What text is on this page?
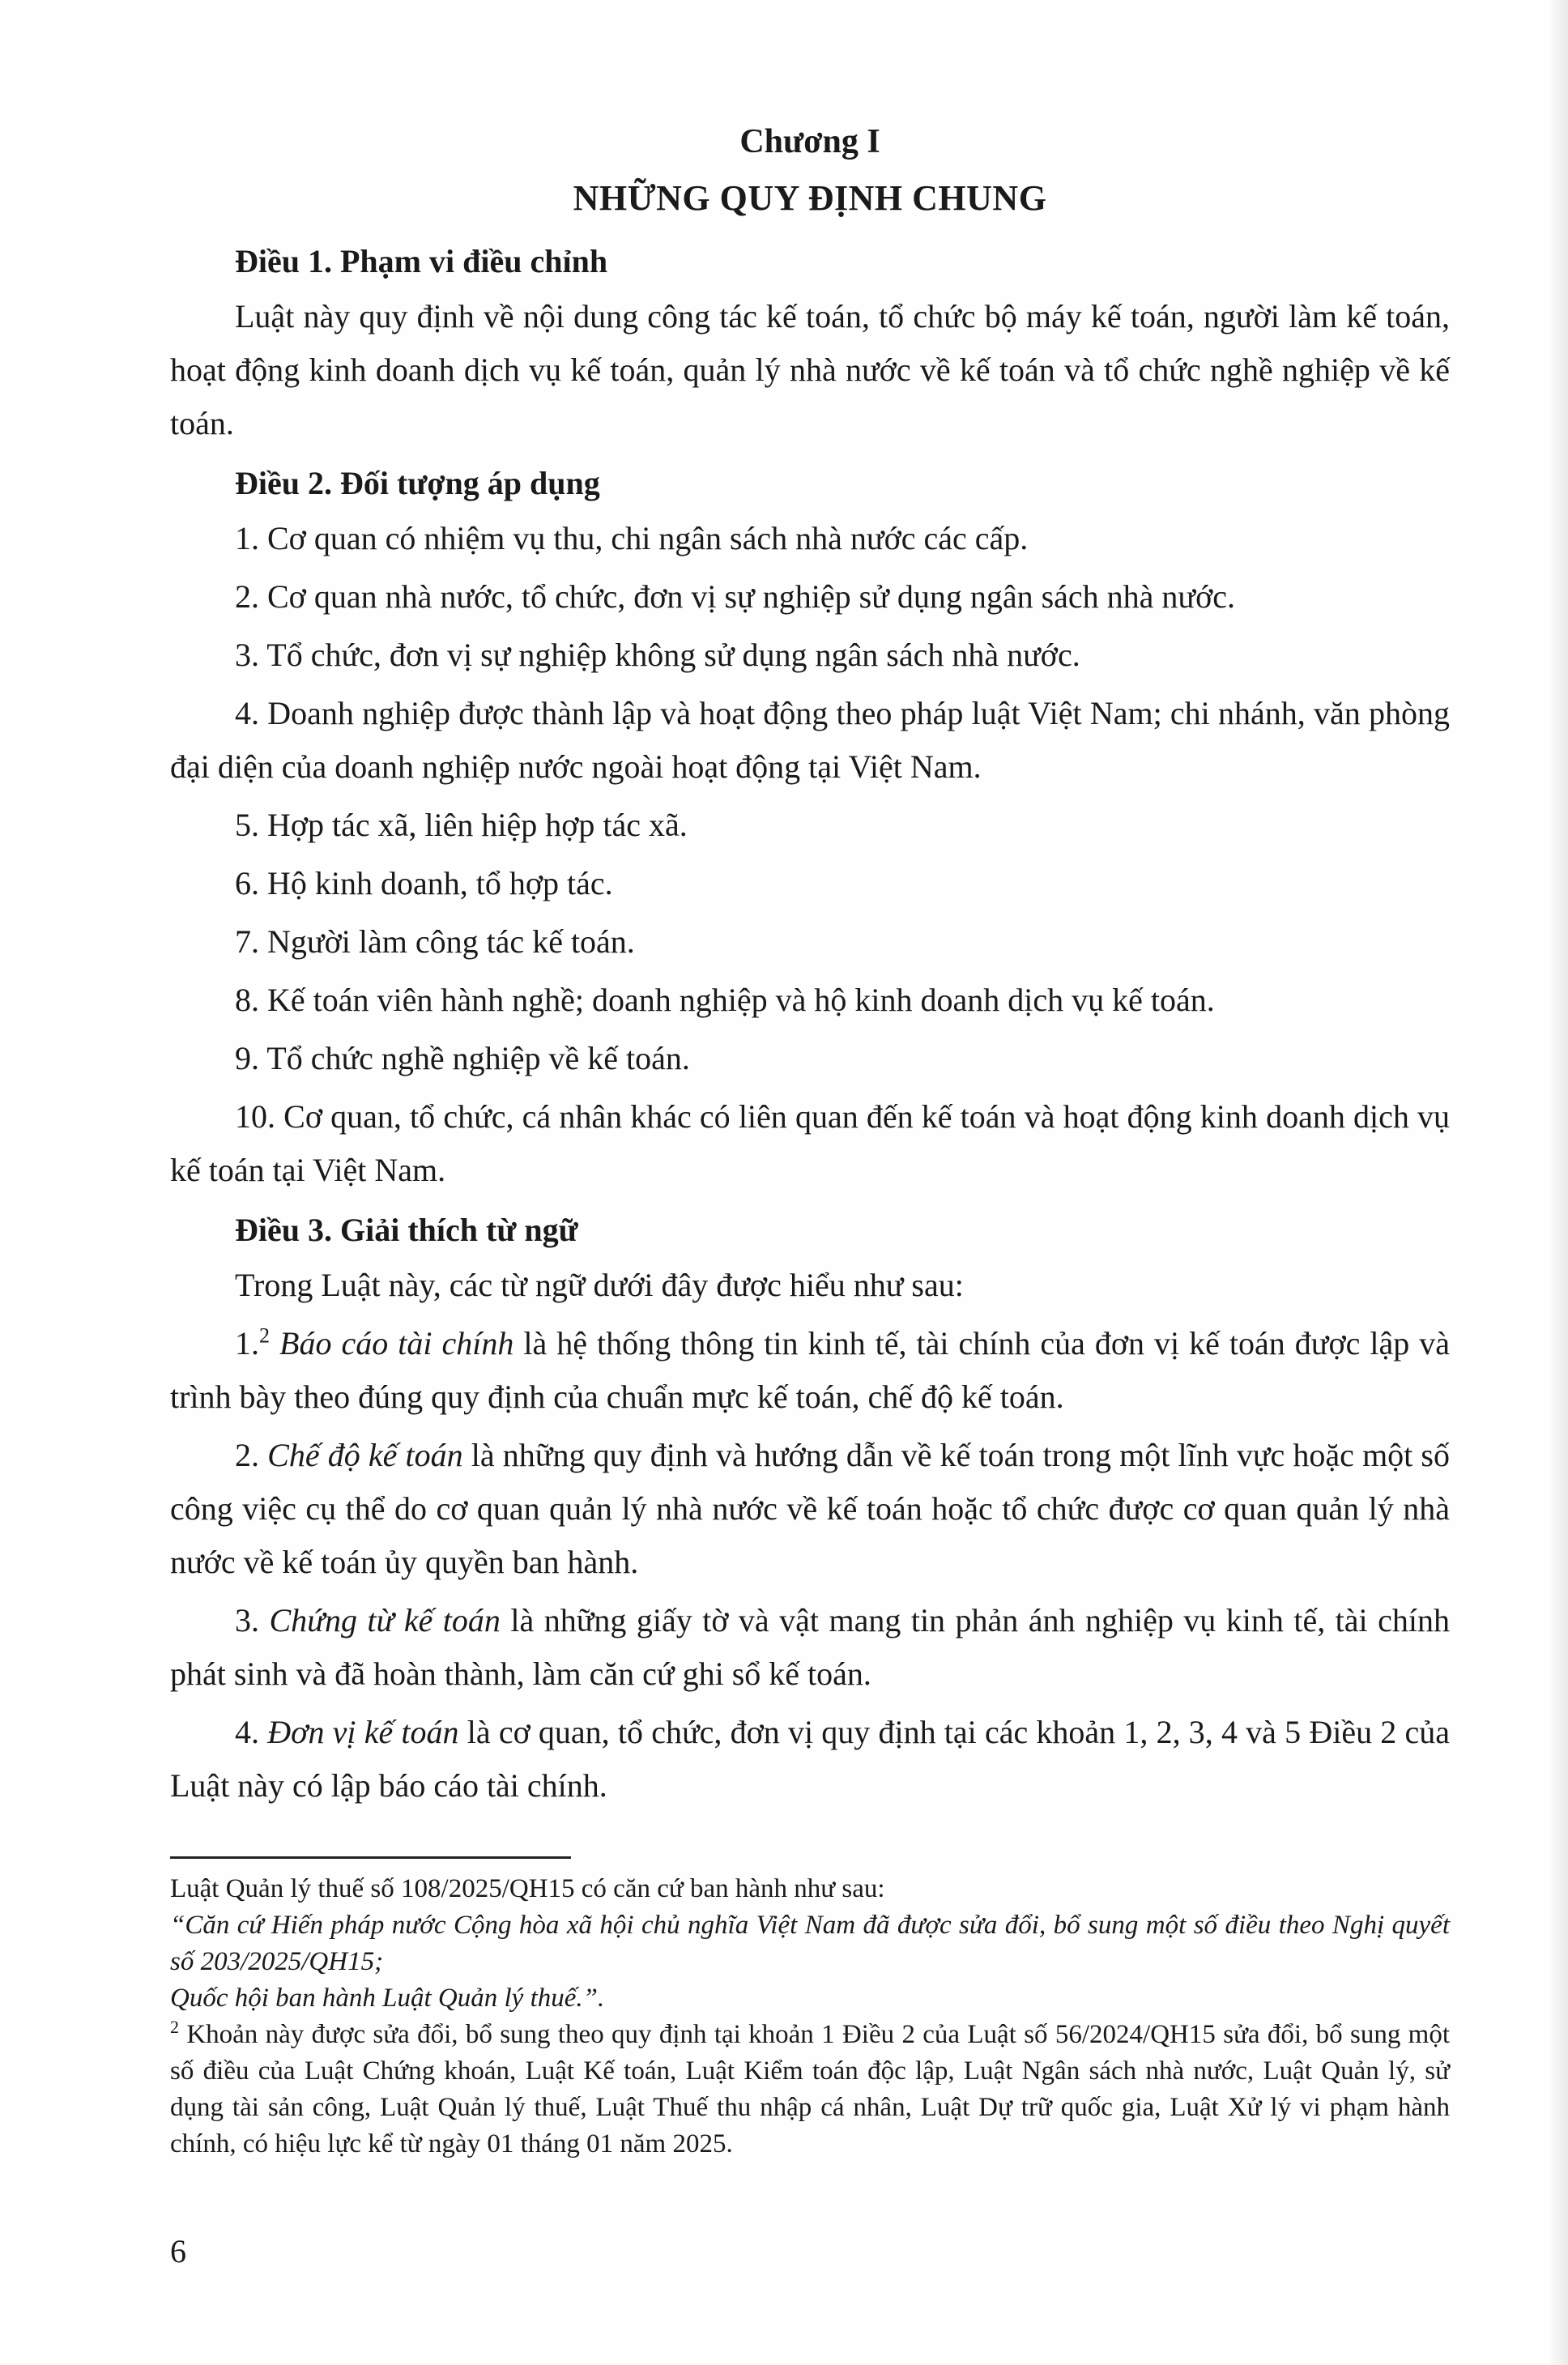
Chương I

NHỮNG QUY ĐỊNH CHUNG

Điều 1. Phạm vi điều chỉnh

Luật này quy định về nội dung công tác kế toán, tổ chức bộ máy kế toán, người làm kế toán, hoạt động kinh doanh dịch vụ kế toán, quản lý nhà nước về kế toán và tổ chức nghề nghiệp về kế toán.

Điều 2. Đối tượng áp dụng

1. Cơ quan có nhiệm vụ thu, chi ngân sách nhà nước các cấp.

2. Cơ quan nhà nước, tổ chức, đơn vị sự nghiệp sử dụng ngân sách nhà nước.

3. Tổ chức, đơn vị sự nghiệp không sử dụng ngân sách nhà nước.

4. Doanh nghiệp được thành lập và hoạt động theo pháp luật Việt Nam; chi nhánh, văn phòng đại diện của doanh nghiệp nước ngoài hoạt động tại Việt Nam.

5. Hợp tác xã, liên hiệp hợp tác xã.

6. Hộ kinh doanh, tổ hợp tác.

7. Người làm công tác kế toán.

8. Kế toán viên hành nghề; doanh nghiệp và hộ kinh doanh dịch vụ kế toán.

9. Tổ chức nghề nghiệp về kế toán.

10. Cơ quan, tổ chức, cá nhân khác có liên quan đến kế toán và hoạt động kinh doanh dịch vụ kế toán tại Việt Nam.

Điều 3. Giải thích từ ngữ

Trong Luật này, các từ ngữ dưới đây được hiểu như sau:

1.$^2$ Báo cáo tài chính là hệ thống thông tin kinh tế, tài chính của đơn vị kế toán được lập và trình bày theo đúng quy định của chuẩn mực kế toán, chế độ kế toán.

2. Chế độ kế toán là những quy định và hướng dẫn về kế toán trong một lĩnh vực hoặc một số công việc cụ thể do cơ quan quản lý nhà nước về kế toán hoặc tổ chức được cơ quan quản lý nhà nước về kế toán ủy quyền ban hành.

3. Chứng từ kế toán là những giấy tờ và vật mang tin phản ánh nghiệp vụ kinh tế, tài chính phát sinh và đã hoàn thành, làm căn cứ ghi sổ kế toán.

4. Đơn vị kế toán là cơ quan, tổ chức, đơn vị quy định tại các khoản 1, 2, 3, 4 và 5 Điều 2 của Luật này có lập báo cáo tài chính.

Luật Quản lý thuế số 108/2025/QH15 có căn cứ ban hành như sau:

“Căn cứ Hiến pháp nước Cộng hòa xã hội chủ nghĩa Việt Nam đã được sửa đổi, bổ sung một số điều theo Nghị quyết số 203/2025/QH15;

Quốc hội ban hành Luật Quản lý thuế.”.

$^2$ Khoản này được sửa đổi, bổ sung theo quy định tại khoản 1 Điều 2 của Luật số 56/2024/QH15 sửa đổi, bổ sung một số điều của Luật Chứng khoán, Luật Kế toán, Luật Kiểm toán độc lập, Luật Ngân sách nhà nước, Luật Quản lý, sử dụng tài sản công, Luật Quản lý thuế, Luật Thuế thu nhập cá nhân, Luật Dự trữ quốc gia, Luật Xử lý vi phạm hành chính, có hiệu lực kể từ ngày 01 tháng 01 năm 2025.

6
